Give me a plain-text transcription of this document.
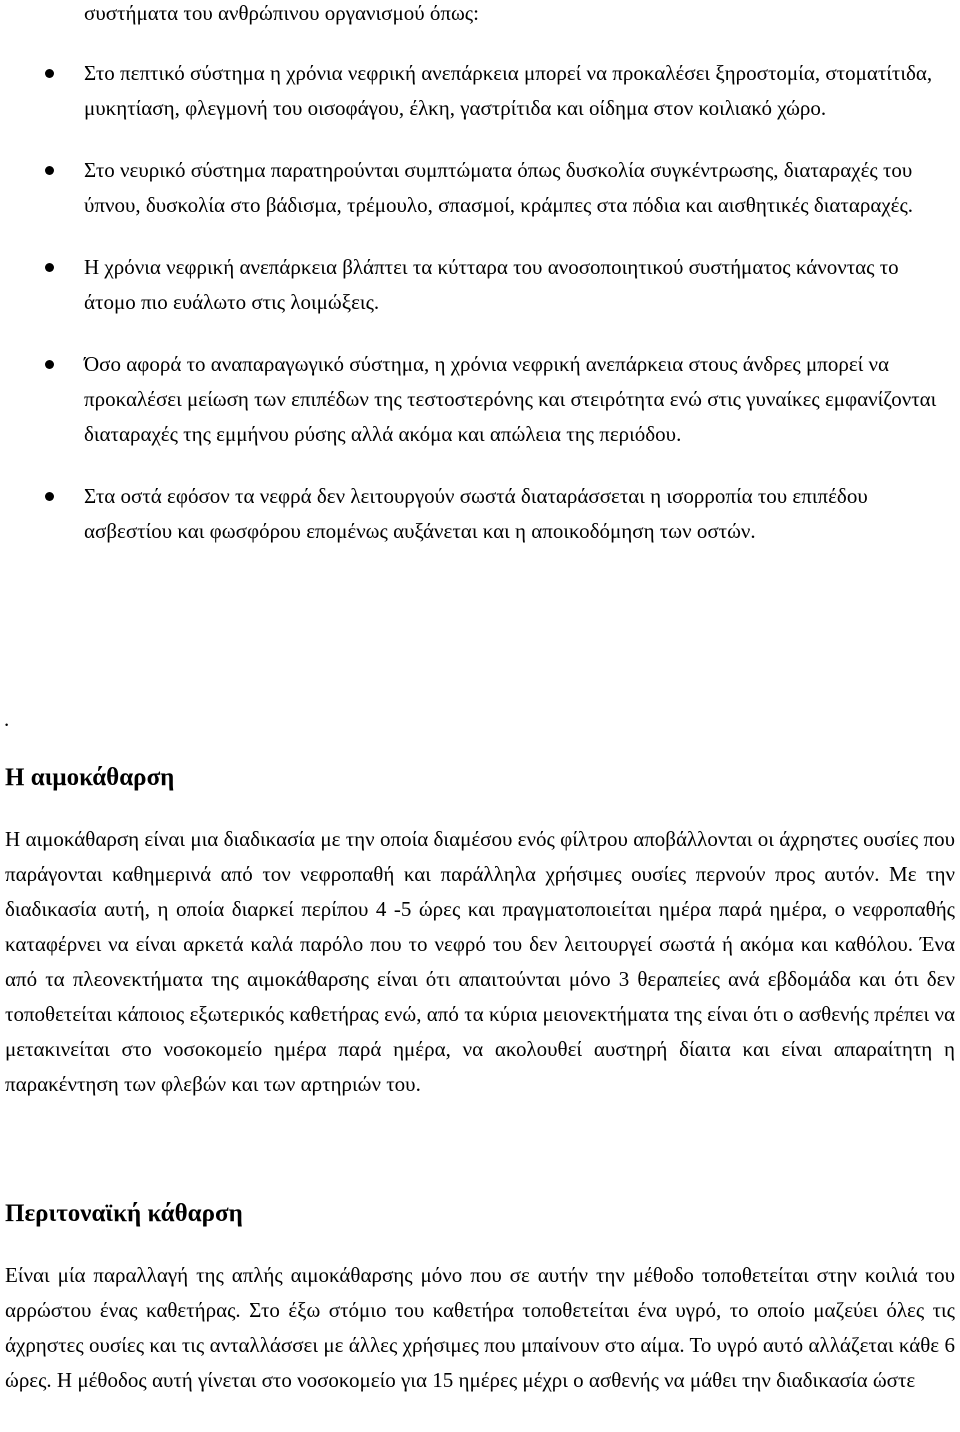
συστήματα του ανθρώπινου οργανισμού όπως:

Στο πεπτικό σύστημα η χρόνια νεφρική ανεπάρκεια μπορεί να προκαλέσει ξηροστομία, στοματίτιδα, μυκητίαση, φλεγμονή του οισοφάγου, έλκη, γαστρίτιδα και οίδημα στον κοιλιακό χώρο.
Στο νευρικό σύστημα παρατηρούνται συμπτώματα όπως δυσκολία συγκέντρωσης, διαταραχές του ύπνου, δυσκολία στο βάδισμα, τρέμουλο, σπασμοί, κράμπες στα πόδια και αισθητικές διαταραχές.
Η χρόνια νεφρική ανεπάρκεια βλάπτει τα κύτταρα του ανοσοποιητικού συστήματος κάνοντας το άτομο πιο ευάλωτο στις λοιμώξεις.
Όσο αφορά το αναπαραγωγικό σύστημα, η χρόνια νεφρική ανεπάρκεια στους άνδρες μπορεί να προκαλέσει μείωση των επιπέδων της τεστοστερόνης και στειρότητα ενώ στις γυναίκες εμφανίζονται διαταραχές της εμμήνου ρύσης αλλά ακόμα και απώλεια της περιόδου.
Στα οστά εφόσον τα νεφρά δεν λειτουργούν σωστά διαταράσσεται η ισορροπία του επιπέδου ασβεστίου και φωσφόρου επομένως αυξάνεται και η αποικοδόμηση των οστών.

.

Η αιμοκάθαρση

Η αιμοκάθαρση είναι μια διαδικασία με την οποία διαμέσου ενός φίλτρου αποβάλλονται οι άχρηστες ουσίες που παράγονται καθημερινά από τον νεφροπαθή και παράλληλα χρήσιμες ουσίες περνούν προς αυτόν. Με την διαδικασία αυτή, η οποία διαρκεί περίπου 4 -5 ώρες και πραγματοποιείται ημέρα παρά ημέρα, ο νεφροπαθής καταφέρνει να είναι αρκετά καλά παρόλο που το νεφρό του δεν λειτουργεί σωστά ή ακόμα και καθόλου. Ένα από τα πλεονεκτήματα της αιμοκάθαρσης είναι ότι απαιτούνται μόνο 3 θεραπείες ανά εβδομάδα και ότι δεν τοποθετείται κάποιος εξωτερικός καθετήρας ενώ, από τα κύρια μειονεκτήματα της είναι ότι ο ασθενής πρέπει να μετακινείται στο νοσοκομείο ημέρα παρά ημέρα, να ακολουθεί αυστηρή δίαιτα και είναι απαραίτητη η παρακέντηση των φλεβών και των αρτηριών του.

Περιτοναϊκή κάθαρση

Είναι μία παραλλαγή της απλής αιμοκάθαρσης μόνο που σε αυτήν την μέθοδο τοποθετείται στην κοιλιά του αρρώστου ένας καθετήρας. Στο έξω στόμιο του καθετήρα τοποθετείται ένα υγρό, το οποίο μαζεύει όλες τις άχρηστες ουσίες και τις ανταλλάσσει με άλλες χρήσιμες που μπαίνουν στο αίμα. Το υγρό αυτό αλλάζεται κάθε 6 ώρες. Η μέθοδος αυτή γίνεται στο νοσοκομείο για 15 ημέρες μέχρι ο ασθενής να μάθει την διαδικασία ώστε
